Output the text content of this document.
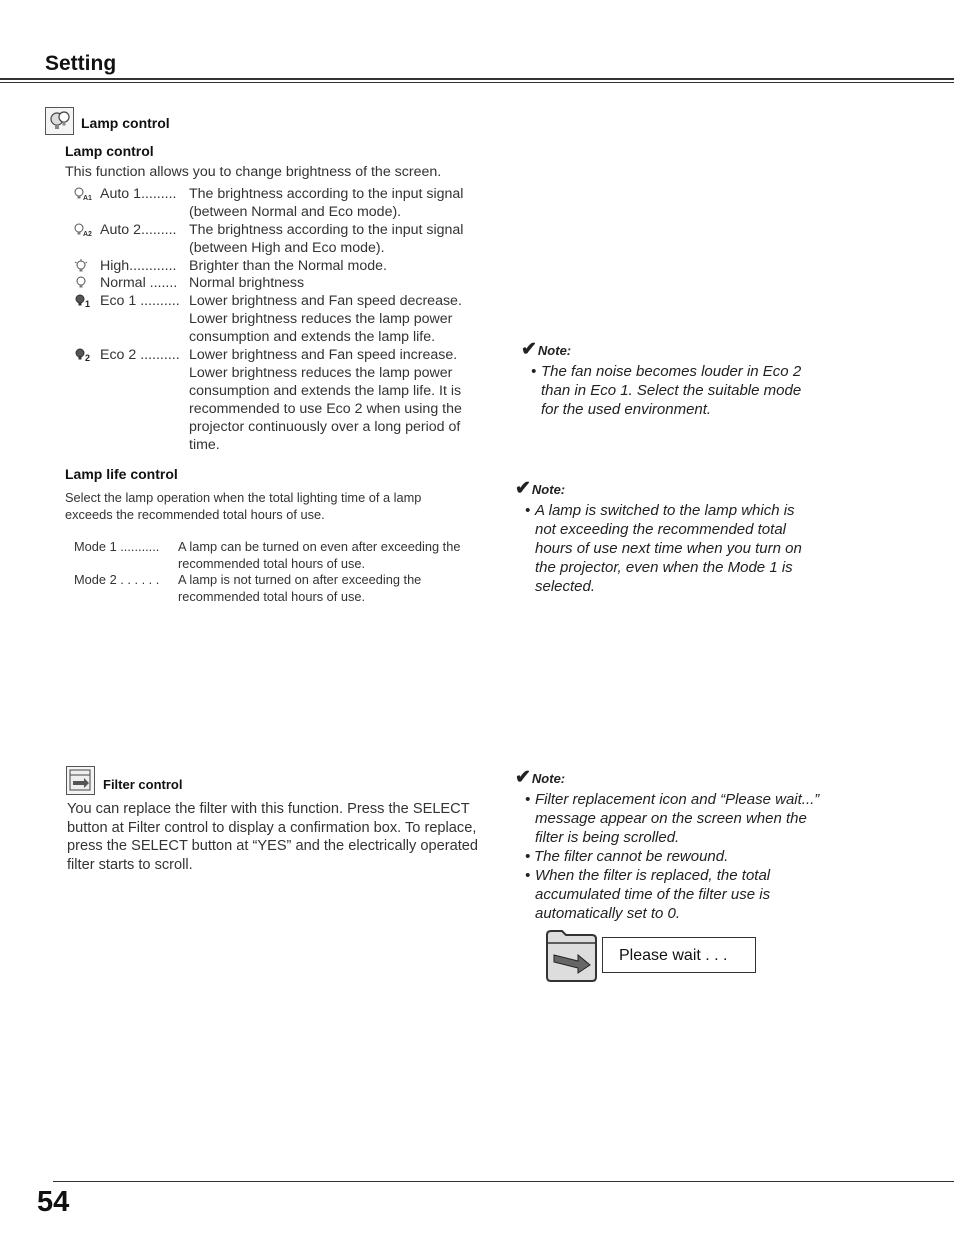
Setting
Lamp control
Lamp control
This function allows you to change brightness of the screen.
A1 Auto 1......... The brightness according to the input signal (between Normal and Eco mode).
A2 Auto 2......... The brightness according to the input signal (between High and Eco mode).
High............ Brighter than the Normal mode.
Normal ....... Normal brightness
1 Eco 1 .......... Lower brightness and Fan speed decrease. Lower brightness reduces the lamp power consumption and extends the lamp life.
2 Eco 2 .......... Lower brightness and Fan speed increase. Lower brightness reduces the lamp power consumption and extends the lamp life. It is recommended to use Eco 2 when using the projector continuously over a long period of time.
✔Note:
• The fan noise becomes louder in Eco 2 than in Eco 1. Select the suitable mode for the used environment.
Lamp life control
Select the lamp operation when the total lighting time of a lamp exceeds the recommended total hours of use.
Mode 1 ........... A lamp can be turned on even after exceeding the recommended total hours of use.
Mode 2 . . . . . . A lamp is not turned on after exceeding the recommended total hours of use.
✔Note:
• A lamp is switched to the lamp which is not exceeding the recommended total hours of use next time when you turn on the projector, even when the Mode 1 is selected.
Filter control
You can replace the filter with this function. Press the SELECT button at Filter control to display a confirmation box. To replace, press the SELECT button at “YES” and the electrically operated filter starts to scroll.
✔Note:
• Filter replacement icon and “Please wait...” message appear on the screen when the filter is being scrolled.
• The filter cannot be rewound.
• When the filter is replaced, the total accumulated time of the filter use is automatically set to 0.
Please wait . . .
54
